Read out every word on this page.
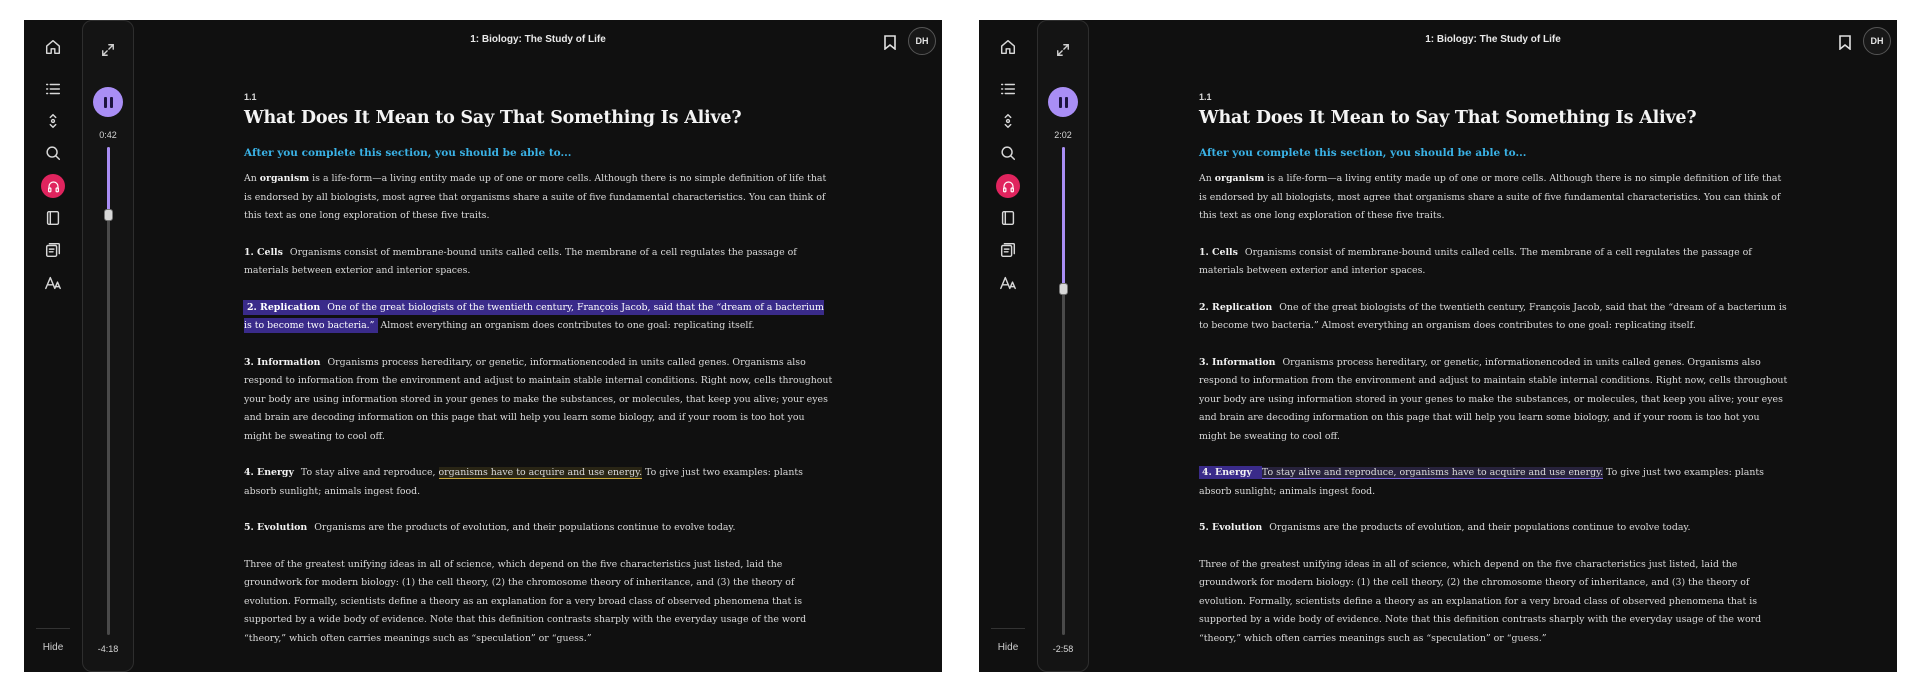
Hide
0:42
-4:18
1: Biology: The Study of Life	DH
1.1
What Does It Mean to Say That Something Is Alive?
After you complete this section, you should be able to...

An organism is a life-form—a living entity made up of one or more cells. Although there is no simple definition of life that is endorsed by all biologists, most agree that organisms share a suite of five fundamental characteristics. You can think of this text as one long exploration of these five traits.

1. Cells Organisms consist of membrane-bound units called cells. The membrane of a cell regulates the passage of materials between exterior and interior spaces.

2. Replication One of the great biologists of the twentieth century, François Jacob, said that the “dream of a bacterium is to become two bacteria.” Almost everything an organism does contributes to one goal: replicating itself.

3. Information Organisms process hereditary, or genetic, informationencoded in units called genes. Organisms also respond to information from the environment and adjust to maintain stable internal conditions. Right now, cells throughout your body are using information stored in your genes to make the substances, or molecules, that keep you alive; your eyes and brain are decoding information on this page that will help you learn some biology, and if your room is too hot you might be sweating to cool off.

4. Energy To stay alive and reproduce, organisms have to acquire and use energy. To give just two examples: plants absorb sunlight; animals ingest food.

5. Evolution Organisms are the products of evolution, and their populations continue to evolve today.

Three of the greatest unifying ideas in all of science, which depend on the five characteristics just listed, laid the groundwork for modern biology: (1) the cell theory, (2) the chromosome theory of inheritance, and (3) the theory of evolution. Formally, scientists define a theory as an explanation for a very broad class of observed phenomena that is supported by a wide body of evidence. Note that this definition contrasts sharply with the everyday usage of the word “theory,” which often carries meanings such as “speculation” or “guess.”

Hide
2:02
-2:58
1: Biology: The Study of Life	DH
1.1
What Does It Mean to Say That Something Is Alive?
After you complete this section, you should be able to...

An organism is a life-form—a living entity made up of one or more cells. Although there is no simple definition of life that is endorsed by all biologists, most agree that organisms share a suite of five fundamental characteristics. You can think of this text as one long exploration of these five traits.

1. Cells Organisms consist of membrane-bound units called cells. The membrane of a cell regulates the passage of materials between exterior and interior spaces.

2. Replication One of the great biologists of the twentieth century, François Jacob, said that the “dream of a bacterium is to become two bacteria.” Almost everything an organism does contributes to one goal: replicating itself.

3. Information Organisms process hereditary, or genetic, informationencoded in units called genes. Organisms also respond to information from the environment and adjust to maintain stable internal conditions. Right now, cells throughout your body are using information stored in your genes to make the substances, or molecules, that keep you alive; your eyes and brain are decoding information on this page that will help you learn some biology, and if your room is too hot you might be sweating to cool off.

4. Energy To stay alive and reproduce, organisms have to acquire and use energy. To give just two examples: plants absorb sunlight; animals ingest food.

5. Evolution Organisms are the products of evolution, and their populations continue to evolve today.

Three of the greatest unifying ideas in all of science, which depend on the five characteristics just listed, laid the groundwork for modern biology: (1) the cell theory, (2) the chromosome theory of inheritance, and (3) the theory of evolution. Formally, scientists define a theory as an explanation for a very broad class of observed phenomena that is supported by a wide body of evidence. Note that this definition contrasts sharply with the everyday usage of the word “theory,” which often carries meanings such as “speculation” or “guess.”
